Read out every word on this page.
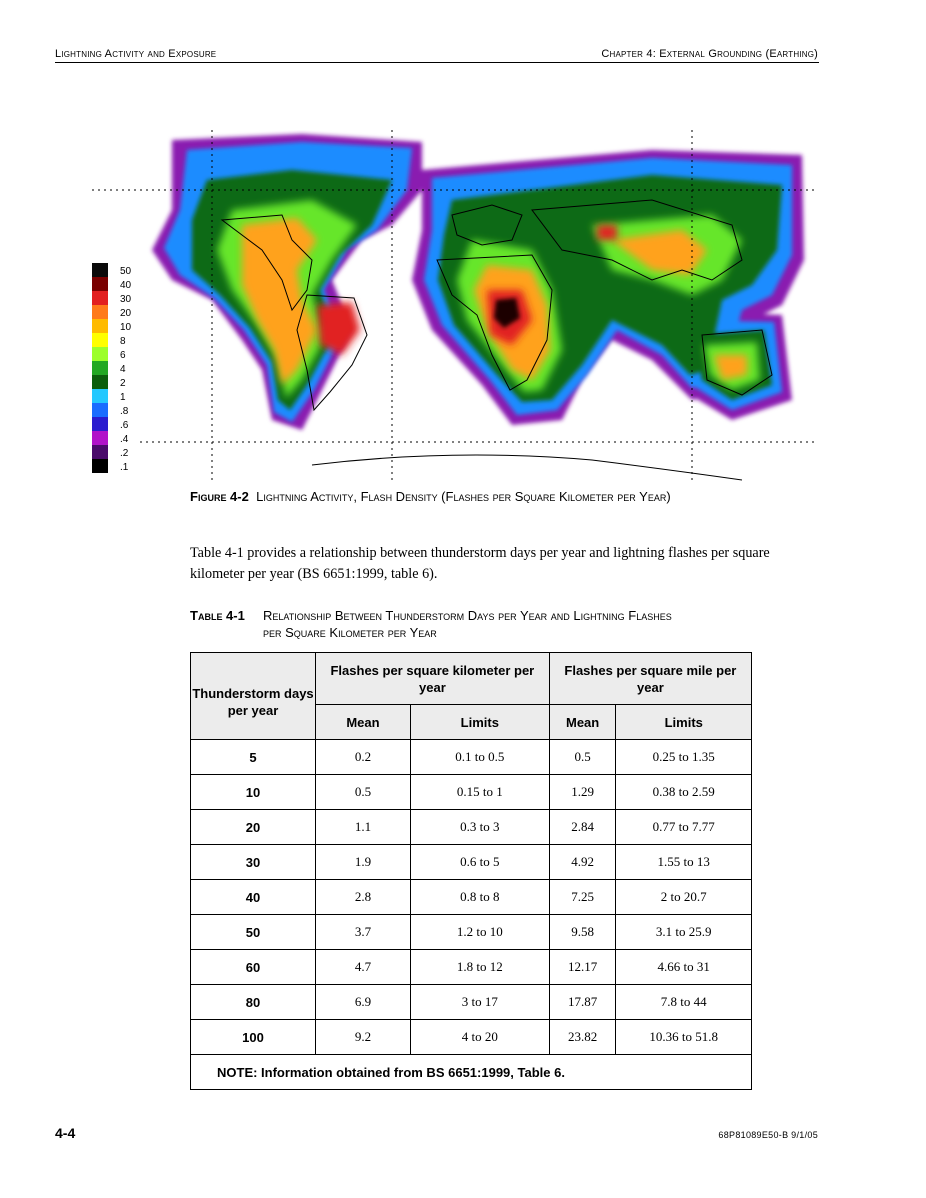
Lightning Activity and Exposure	Chapter 4: External Grounding (Earthing)
50
40
30
20
10
8
6
4
2
1
.8
.6
.4
.2
.1
Figure 4-2 Lightning Activity, Flash Density (Flashes per Square Kilometer per Year)
Table 4-1 provides a relationship between thunderstorm days per year and lightning flashes per square kilometer per year (BS 6651:1999, table 6).
Table 4-1 Relationship Between Thunderstorm Days per Year and Lightning Flashes
per Square Kilometer per Year
Thunderstorm days per year	Flashes per square kilometer per year		Flashes per square mile per year	
	Mean	Limits	Mean	Limits
5	0.2	0.1 to 0.5	0.5	0.25 to 1.35
10	0.5	0.15 to 1	1.29	0.38 to 2.59
20	1.1	0.3 to 3	2.84	0.77 to 7.77
30	1.9	0.6 to 5	4.92	1.55 to 13
40	2.8	0.8 to 8	7.25	2 to 20.7
50	3.7	1.2 to 10	9.58	3.1 to 25.9
60	4.7	1.8 to 12	12.17	4.66 to 31
80	6.9	3 to 17	17.87	7.8 to 44
100	9.2	4 to 20	23.82	10.36 to 51.8
NOTE: Information obtained from BS 6651:1999, Table 6.				
4-4	68P81089E50-B 9/1/05
